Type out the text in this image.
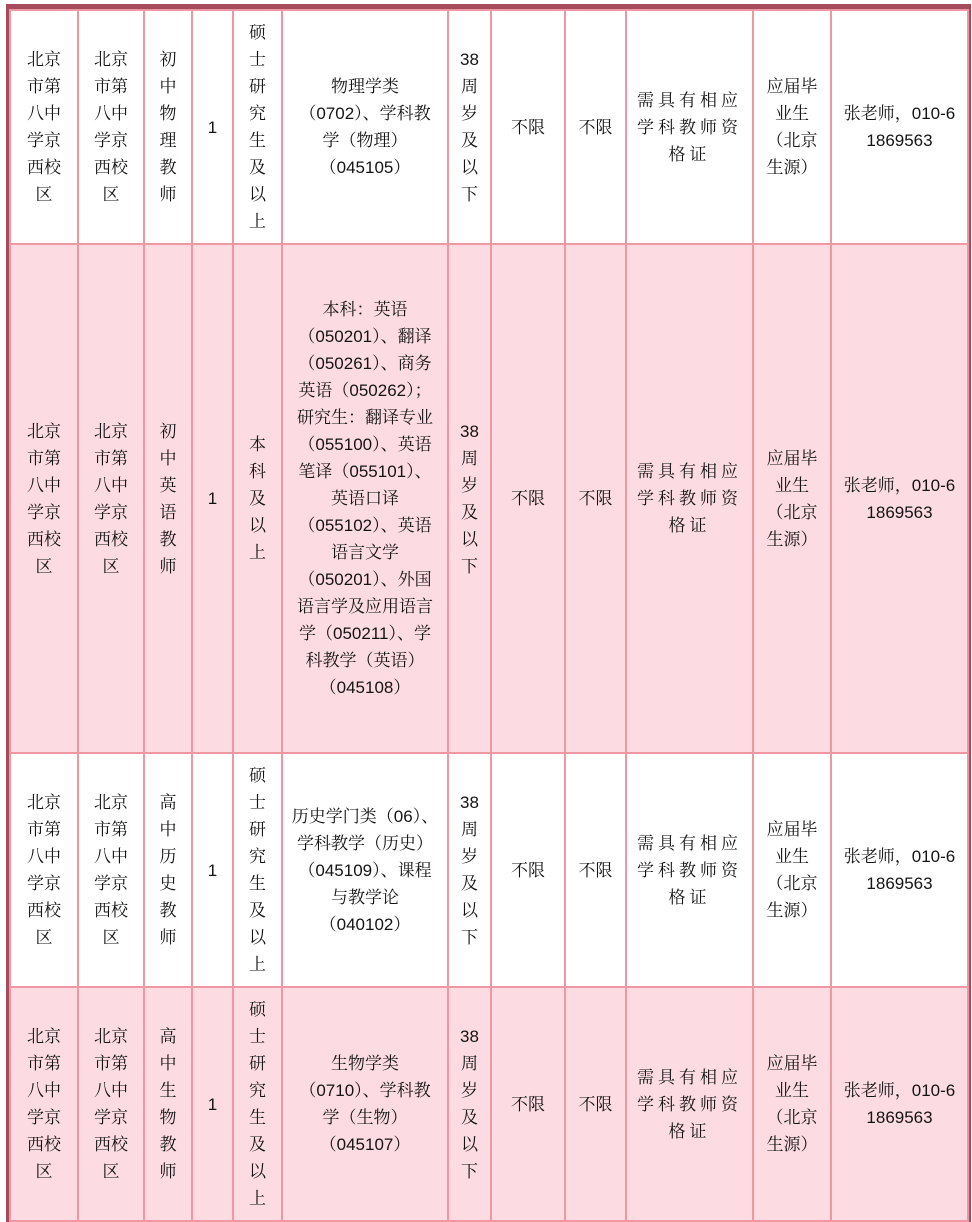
北京市第八中学京西校区	北京市第八中学京西校区	初中物理教师	1	硕士研究生及以上	物理学类（0702）、学科教学（物理）（045105）	38周岁及以下	不限	不限	需具有相应学科教师资格证	应届毕业生（北京生源）	张老师，010-61869563
北京市第八中学京西校区	北京市第八中学京西校区	初中英语教师	1	本科及以上	本科：英语（050201）、翻译（050261）、商务英语（050262）；研究生：翻译专业（055100）、英语笔译（055101）、英语口译（055102）、英语语言文学（050201）、外国语言学及应用语言学（050211）、学科教学（英语）（045108）	38周岁及以下	不限	不限	需具有相应学科教师资格证	应届毕业生（北京生源）	张老师，010-61869563
北京市第八中学京西校区	北京市第八中学京西校区	高中历史教师	1	硕士研究生及以上	历史学门类（06）、学科教学（历史）（045109）、课程与教学论（040102）	38周岁及以下	不限	不限	需具有相应学科教师资格证	应届毕业生（北京生源）	张老师，010-61869563
北京市第八中学京西校区	北京市第八中学京西校区	高中生物教师	1	硕士研究生及以上	生物学类（0710）、学科教学（生物）（045107）	38周岁及以下	不限	不限	需具有相应学科教师资格证	应届毕业生（北京生源）	张老师，010-61869563
